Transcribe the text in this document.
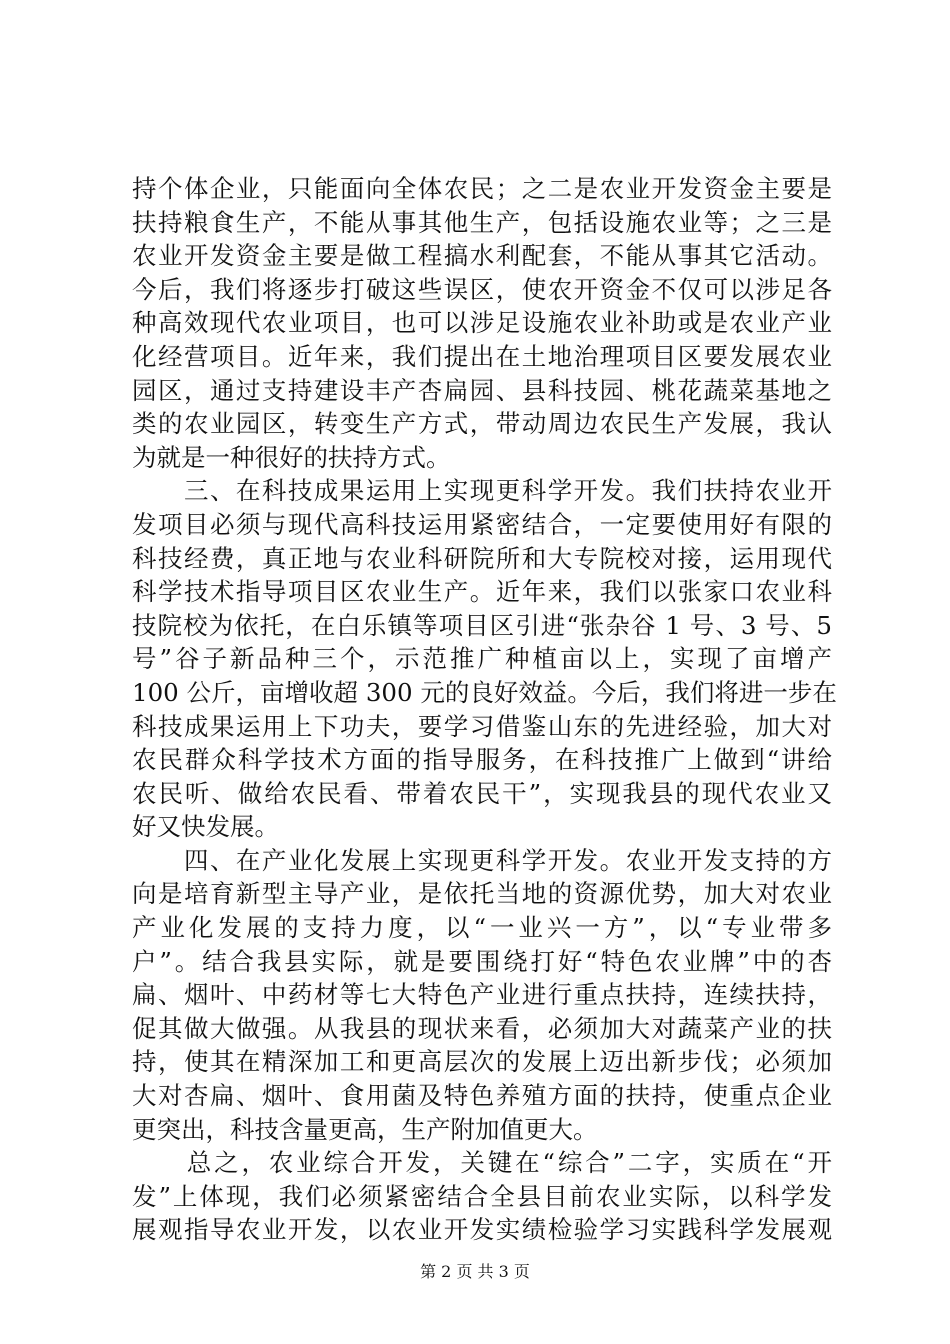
持个体企业，只能面向全体农民；之二是农业开发资金主要是
扶持粮食生产，不能从事其他生产，包括设施农业等；之三是
农业开发资金主要是做工程搞水利配套，不能从事其它活动。
今后，我们将逐步打破这些误区，使农开资金不仅可以涉足各
种高效现代农业项目，也可以涉足设施农业补助或是农业产业
化经营项目。近年来，我们提出在土地治理项目区要发展农业
园区，通过支持建设丰产杏扁园、县科技园、桃花蔬菜基地之
类的农业园区，转变生产方式，带动周边农民生产发展，我认
为就是一种很好的扶持方式。
　　三、在科技成果运用上实现更科学开发。我们扶持农业开
发项目必须与现代高科技运用紧密结合，一定要使用好有限的
科技经费，真正地与农业科研院所和大专院校对接，运用现代
科学技术指导项目区农业生产。近年来，我们以张家口农业科
技院校为依托，在白乐镇等项目区引进“张杂谷 1 号、3 号、5
号”谷子新品种三个，示范推广种植亩以上，实现了亩增产
100 公斤，亩增收超 300 元的良好效益。今后，我们将进一步在
科技成果运用上下功夫，要学习借鉴山东的先进经验，加大对
农民群众科学技术方面的指导服务，在科技推广上做到“讲给
农民听、做给农民看、带着农民干”，实现我县的现代农业又
好又快发展。
　　四、在产业化发展上实现更科学开发。农业开发支持的方
向是培育新型主导产业，是依托当地的资源优势，加大对农业
产业化发展的支持力度，以“一业兴一方”，以“专业带多
户”。结合我县实际，就是要围绕打好“特色农业牌”中的杏
扁、烟叶、中药材等七大特色产业进行重点扶持，连续扶持，
促其做大做强。从我县的现状来看，必须加大对蔬菜产业的扶
持，使其在精深加工和更高层次的发展上迈出新步伐；必须加
大对杏扁、烟叶、食用菌及特色养殖方面的扶持，使重点企业
更突出，科技含量更高，生产附加值更大。
　　总之，农业综合开发，关键在“综合”二字，实质在“开
发”上体现，我们必须紧密结合全县目前农业实际，以科学发
展观指导农业开发，以农业开发实绩检验学习实践科学发展观
第 2 页 共 3 页
